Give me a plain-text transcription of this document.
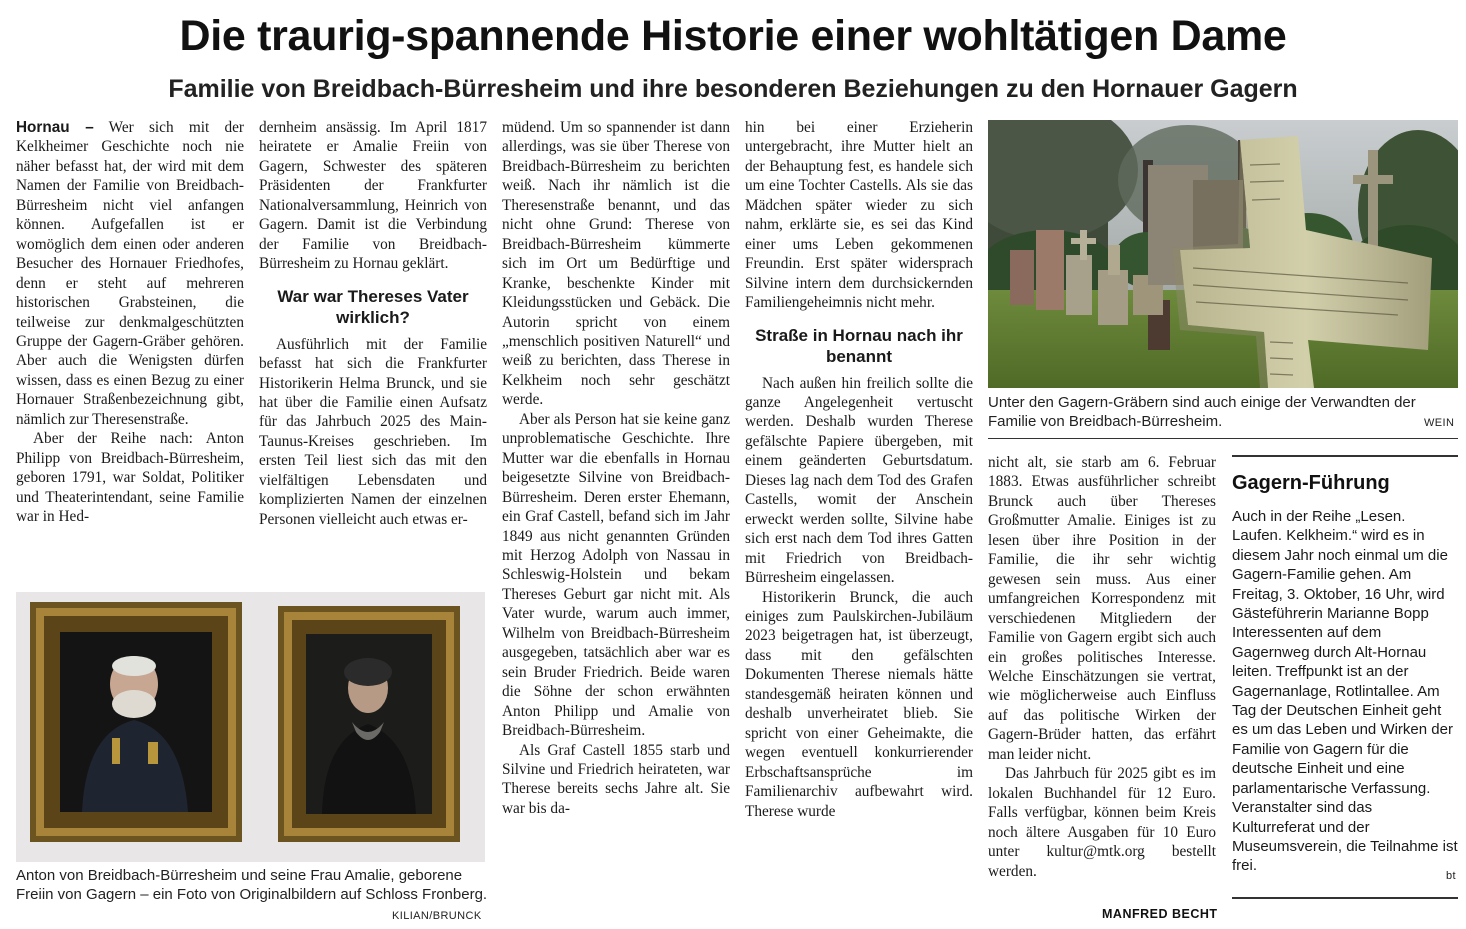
Die traurig-spannende Historie einer wohltätigen Dame
Familie von Breidbach-Bürresheim und ihre besonderen Beziehungen zu den Hornauer Gagern

Hornau – Wer sich mit der Kelkheimer Geschichte noch nie näher befasst hat, der wird mit dem Namen der Familie von Breidbach-Bürresheim nicht viel anfangen können. Aufgefallen ist er womöglich dem einen oder anderen Besucher des Hornauer Friedhofes, denn er steht auf mehreren historischen Grabsteinen, die teilweise zur denkmalgeschützten Gruppe der Gagern-Gräber gehören. Aber auch die Wenigsten dürfen wissen, dass es einen Bezug zu einer Hornauer Straßenbezeichnung gibt, nämlich zur Theresenstraße.

Aber der Reihe nach: Anton Philipp von Breidbach-Bürresheim, geboren 1791, war Soldat, Politiker und Theaterintendant, seine Familie war in Hed-

dernheim ansässig. Im April 1817 heiratete er Amalie Freiin von Gagern, Schwester des späteren Präsidenten der Frankfurter Nationalversammlung, Heinrich von Gagern. Damit ist die Verbindung der Familie von Breidbach-Bürresheim zu Hornau geklärt.

War war Thereses Vater wirklich?

Ausführlich mit der Familie befasst hat sich die Frankfurter Historikerin Helma Brunck, und sie hat über die Familie einen Aufsatz für das Jahrbuch 2025 des Main-Taunus-Kreises geschrieben. Im ersten Teil liest sich das mit den vielfältigen Lebensdaten und komplizierten Namen der einzelnen Personen vielleicht auch etwas er-

müdend. Um so spannender ist dann allerdings, was sie über Therese von Breidbach-Bürresheim zu berichten weiß. Nach ihr nämlich ist die Theresenstraße benannt, und das nicht ohne Grund: Therese von Breidbach-Bürresheim kümmerte sich im Ort um Bedürftige und Kranke, beschenkte Kinder mit Kleidungsstücken und Gebäck. Die Autorin spricht von einem „menschlich positiven Naturell“ und weiß zu berichten, dass Therese in Kelkheim noch sehr geschätzt werde.

Aber als Person hat sie keine ganz unproblematische Geschichte. Ihre Mutter war die ebenfalls in Hornau beigesetzte Silvine von Breidbach-Bürresheim. Deren erster Ehemann, ein Graf Castell, befand sich im Jahr 1849 aus nicht genannten Gründen mit Herzog Adolph von Nassau in Schleswig-Holstein und bekam Thereses Geburt gar nicht mit. Als Vater wurde, warum auch immer, Wilhelm von Breidbach-Bürresheim ausgegeben, tatsächlich aber war es sein Bruder Friedrich. Beide waren die Söhne der schon erwähnten Anton Philipp und Amalie von Breidbach-Bürresheim.

Als Graf Castell 1855 starb und Silvine und Friedrich heirateten, war Therese bereits sechs Jahre alt. Sie war bis da-

hin bei einer Erzieherin untergebracht, ihre Mutter hielt an der Behauptung fest, es handele sich um eine Tochter Castells. Als sie das Mädchen später wieder zu sich nahm, erklärte sie, es sei das Kind einer ums Leben gekommenen Freundin. Erst später widersprach Silvine intern dem durchsickernden Familiengeheimnis nicht mehr.

Straße in Hornau nach ihr benannt

Nach außen hin freilich sollte die ganze Angelegenheit vertuscht werden. Deshalb wurden Therese gefälschte Papiere übergeben, mit einem geänderten Geburtsdatum. Dieses lag nach dem Tod des Grafen Castells, womit der Anschein erweckt werden sollte, Silvine habe sich erst nach dem Tod ihres Gatten mit Friedrich von Breidbach-Bürresheim eingelassen.

Historikerin Brunck, die auch einiges zum Paulskirchen-Jubiläum 2023 beigetragen hat, ist überzeugt, dass mit den gefälschten Dokumenten Therese niemals hätte standesgemäß heiraten können und deshalb unverheiratet blieb. Sie spricht von einer Geheimakte, die wegen eventuell konkurrierender Erbschaftsansprüche im Familienarchiv aufbewahrt wird. Therese wurde

nicht alt, sie starb am 6. Februar 1883. Etwas ausführlicher schreibt Brunck auch über Thereses Großmutter Amalie. Einiges ist zu lesen über ihre Position in der Familie, die ihr sehr wichtig gewesen sein muss. Aus einer umfangreichen Korrespondenz mit verschiedenen Mitgliedern der Familie von Gagern ergibt sich auch ein großes politisches Interesse. Welche Einschätzungen sie vertrat, wie möglicherweise auch Einfluss auf das politische Wirken der Gagern-Brüder hatten, das erfährt man leider nicht.

Das Jahrbuch für 2025 gibt es im lokalen Buchhandel für 12 Euro. Falls verfügbar, können beim Kreis noch ältere Ausgaben für 10 Euro unter kultur@mtk.org bestellt werden.

MANFRED BECHT
Unter den Gagern-Gräbern sind auch einige der Verwandten der Familie von Breidbach-Bürresheim.	WEIN
Anton von Breidbach-Bürresheim und seine Frau Amalie, geborene Freiin von Gagern – ein Foto von Originalbildern auf Schloss Fronberg.
KILIAN/BRUNCK
Gagern-Führung

Auch in der Reihe „Lesen. Laufen. Kelkheim.“ wird es in diesem Jahr noch einmal um die Gagern-Familie gehen. Am Freitag, 3. Oktober, 16 Uhr, wird Gästeführerin Marianne Bopp Interessenten auf dem Gagernweg durch Alt-Hornau leiten. Treffpunkt ist an der Gagernanlage, Rotlintallee. Am Tag der Deutschen Einheit geht es um das Leben und Wirken der Familie von Gagern für die deutsche Einheit und eine parlamentarische Verfassung. Veranstalter sind das Kulturreferat und der Museumsverein, die Teilnahme ist frei.

bt
